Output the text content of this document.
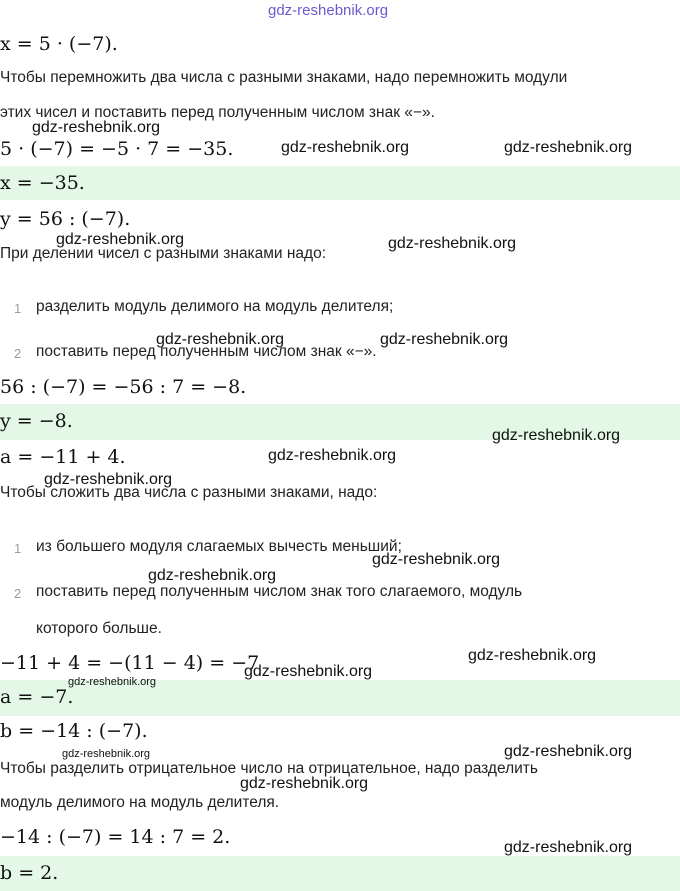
x = 5 · (−7).
Чтобы перемножить два числа с разными знаками, надо перемножить модули
этих чисел и поставить перед полученным числом знак «−».
5 · (−7) = −5 · 7 = −35.
x = −35.
y = 56 : (−7).
При делении чисел с разными знаками надо:
1 разделить модуль делимого на модуль делителя;
2 поставить перед полученным числом знак «−».
56 : (−7) = −56 : 7 = −8.
y = −8.
a = −11 + 4.
Чтобы сложить два числа с разными знаками, надо:
1 из большего модуля слагаемых вычесть меньший;
2 поставить перед полученным числом знак того слагаемого, модуль
которого больше.
−11 + 4 = −(11 − 4) = −7
a = −7.
b = −14 : (−7).
Чтобы разделить отрицательное число на отрицательное, надо разделить
модуль делимого на модуль делителя.
−14 : (−7) = 14 : 7 = 2.
b = 2.
gdz-reshebnik.org
gdz-reshebnik.org
gdz-reshebnik.org	gdz-reshebnik.org
gdz-reshebnik.org	gdz-reshebnik.org
gdz-reshebnik.org	gdz-reshebnik.org
gdz-reshebnik.org
gdz-reshebnik.org
gdz-reshebnik.org
gdz-reshebnik.org
gdz-reshebnik.org
gdz-reshebnik.org
gdz-reshebnik.org
gdz-reshebnik.org
gdz-reshebnik.org	gdz-reshebnik.org
gdz-reshebnik.org
gdz-reshebnik.org
